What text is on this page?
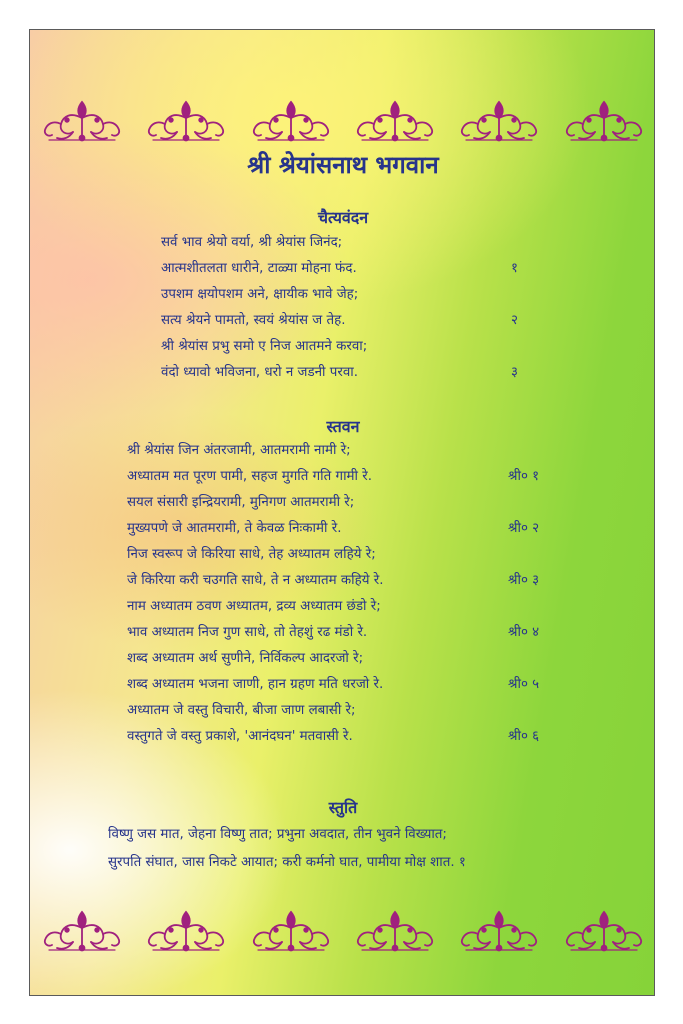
श्री श्रेयांसनाथ भगवान
चैत्यवंदन
सर्व भाव श्रेयो वर्या, श्री श्रेयांस जिनंद;
आत्मशीतलता धारीने, टाळ्या मोहना फंद.
उपशम क्षयोपशम अने, क्षायीक भावे जेह;
सत्य श्रेयने पामतो, स्वयं श्रेयांस ज तेह.
श्री श्रेयांस प्रभु समो ए निज आतमने करवा;
वंदो ध्यावो भविजना, धरो न जडनी परवा.
१
२
३
स्तवन
श्री श्रेयांस जिन अंतरजामी, आतमरामी नामी रे;
अध्यातम मत पूरण पामी, सहज मुगति गति गामी रे.
सयल संसारी इन्द्रियरामी, मुनिगण आतमरामी रे;
मुख्यपणे जे आतमरामी, ते केवळ निःकामी रे.
निज स्वरूप जे किरिया साधे, तेह अध्यातम लहिये रे;
जे किरिया करी चउगति साधे, ते न अध्यातम कहिये रे.
नाम अध्यातम ठवण अध्यातम, द्रव्य अध्यातम छंडो रे;
भाव अध्यातम निज गुण साधे, तो तेहशुं रढ मंडो रे.
शब्द अध्यातम अर्थ सुणीने, निर्विकल्प आदरजो रे;
शब्द अध्यातम भजना जाणी, हान ग्रहण मति धरजो रे.
अध्यातम जे वस्तु विचारी, बीजा जाण लबासी रे;
वस्तुगते जे वस्तु प्रकाशे, 'आनंदघन' मतवासी रे.
श्री० १
श्री० २
श्री० ३
श्री० ४
श्री० ५
श्री० ६
स्तुति
विष्णु जस मात, जेहना विष्णु तात; प्रभुना अवदात, तीन भुवने विख्यात;
सुरपति संघात, जास निकटे आयात; करी कर्मनो घात, पामीया मोक्ष शात. १
